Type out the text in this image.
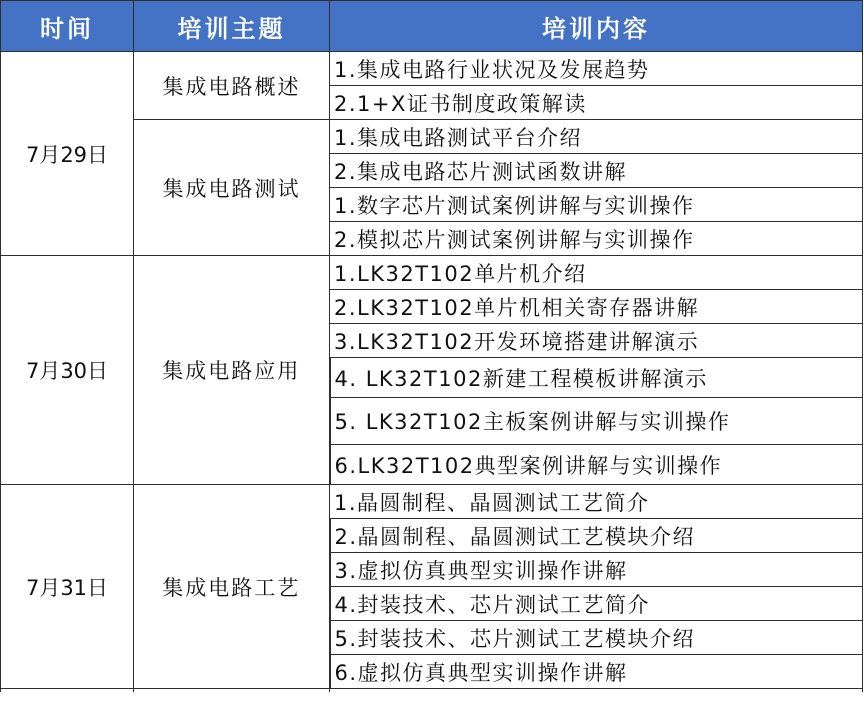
时间	培训主题	培训内容
7月29日	集成电路概述	1.集成电路行业状况及发展趋势
		2.1+X证书制度政策解读
	集成电路测试	1.集成电路测试平台介绍
		2.集成电路芯片测试函数讲解
		1.数字芯片测试案例讲解与实训操作
		2.模拟芯片测试案例讲解与实训操作
7月30日	集成电路应用	1.LK32T102单片机介绍
		2.LK32T102单片机相关寄存器讲解
		3.LK32T102开发环境搭建讲解演示
		4. LK32T102新建工程模板讲解演示
		5. LK32T102主板案例讲解与实训操作
		6.LK32T102典型案例讲解与实训操作
7月31日	集成电路工艺	1.晶圆制程、晶圆测试工艺简介
		2.晶圆制程、晶圆测试工艺模块介绍
		3.虚拟仿真典型实训操作讲解
		4.封装技术、芯片测试工艺简介
		5.封装技术、芯片测试工艺模块介绍
		6.虚拟仿真典型实训操作讲解
